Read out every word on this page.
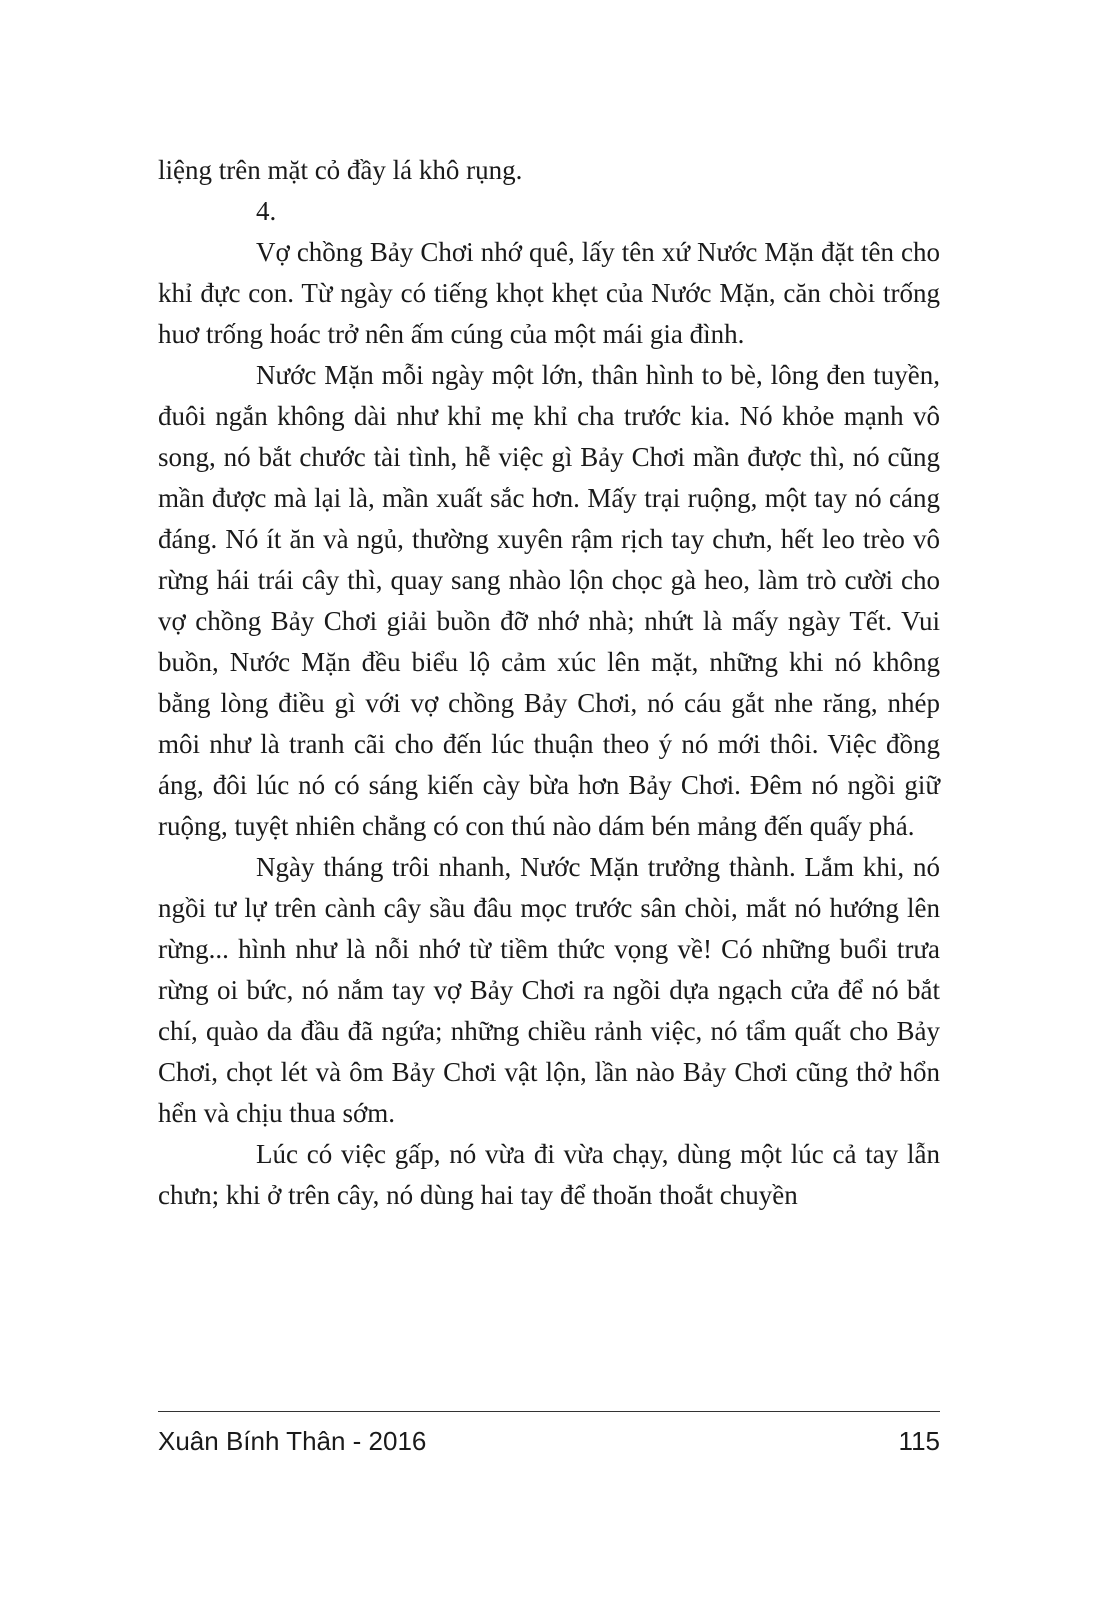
liệng trên mặt cỏ đầy lá khô rụng.

4.

Vợ chồng Bảy Chơi nhớ quê, lấy tên xứ Nước Mặn đặt tên cho khỉ đực con. Từ ngày có tiếng khọt khẹt của Nước Mặn, căn chòi trống huơ trống hoác trở nên ấm cúng của một mái gia đình.

Nước Mặn mỗi ngày một lớn, thân hình to bè, lông đen tuyền, đuôi ngắn không dài như khỉ mẹ khỉ cha trước kia. Nó khỏe mạnh vô song, nó bắt chước tài tình, hễ việc gì Bảy Chơi mần được thì, nó cũng mần được mà lại là, mần xuất sắc hơn. Mấy trại ruộng, một tay nó cáng đáng. Nó ít ăn và ngủ, thường xuyên rậm rịch tay chưn, hết leo trèo vô rừng hái trái cây thì, quay sang nhào lộn chọc gà heo, làm trò cười cho vợ chồng Bảy Chơi giải buồn đỡ nhớ nhà; nhứt là mấy ngày Tết. Vui buồn, Nước Mặn đều biểu lộ cảm xúc lên mặt, những khi nó không bằng lòng điều gì với vợ chồng Bảy Chơi, nó cáu gắt nhe răng, nhép môi như là tranh cãi cho đến lúc thuận theo ý nó mới thôi. Việc đồng áng, đôi lúc nó có sáng kiến cày bừa hơn Bảy Chơi. Đêm nó ngồi giữ ruộng, tuyệt nhiên chẳng có con thú nào dám bén mảng đến quấy phá.

Ngày tháng trôi nhanh, Nước Mặn trưởng thành. Lắm khi, nó ngồi tư lự trên cành cây sầu đâu mọc trước sân chòi, mắt nó hướng lên rừng... hình như là nỗi nhớ từ tiềm thức vọng về! Có những buổi trưa rừng oi bức, nó nắm tay vợ Bảy Chơi ra ngồi dựa ngạch cửa để nó bắt chí, quào da đầu đã ngứa; những chiều rảnh việc, nó tẩm quất cho Bảy Chơi, chọt lét và ôm Bảy Chơi vật lộn, lần nào Bảy Chơi cũng thở hổn hển và chịu thua sớm.

Lúc có việc gấp, nó vừa đi vừa chạy, dùng một lúc cả tay lẫn chưn; khi ở trên cây, nó dùng hai tay để thoăn thoắt chuyền

Xuân Bính Thân - 2016	115
